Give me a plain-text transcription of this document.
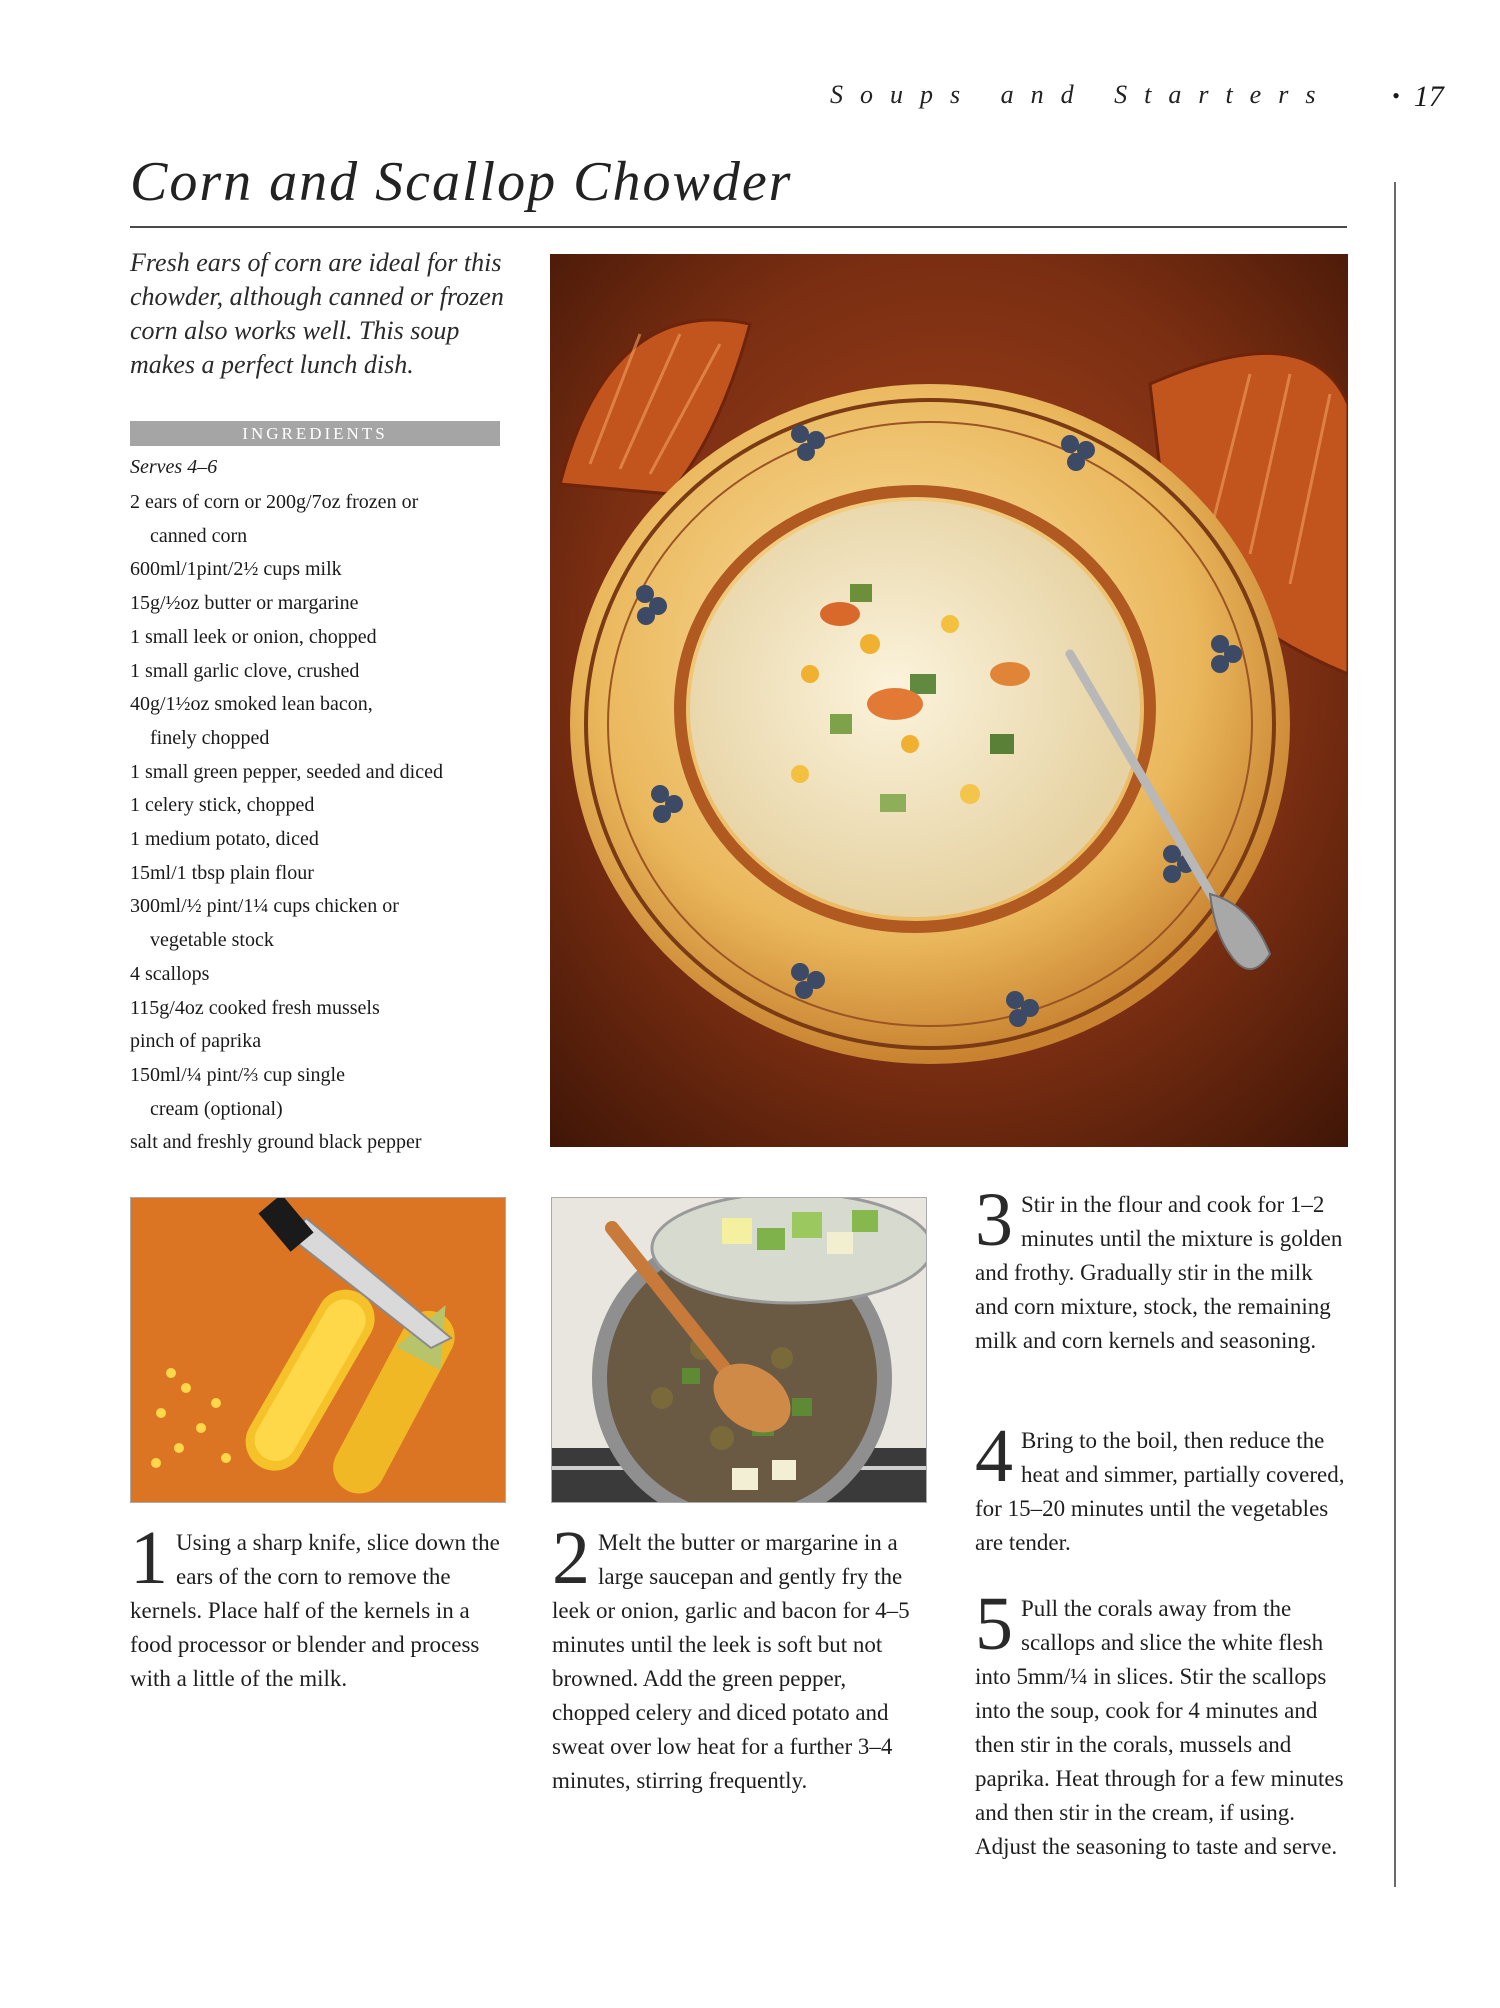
Soups and Starters	• 17
Corn and Scallop Chowder
Fresh ears of corn are ideal for this chowder, although canned or frozen corn also works well. This soup makes a perfect lunch dish.
INGREDIENTS
Serves 4–6
2 ears of corn or 200g/7oz frozen or
canned corn
600ml/1pint/2½ cups milk
15g/½oz butter or margarine
1 small leek or onion, chopped
1 small garlic clove, crushed
40g/1½oz smoked lean bacon,
finely chopped
1 small green pepper, seeded and diced
1 celery stick, chopped
1 medium potato, diced
15ml/1 tbsp plain flour
300ml/½ pint/1¼ cups chicken or
vegetable stock
4 scallops
115g/4oz cooked fresh mussels
pinch of paprika
150ml/¼ pint/⅔ cup single
cream (optional)
salt and freshly ground black pepper
1 Using a sharp knife, slice down the ears of the corn to remove the kernels. Place half of the kernels in a food processor or blender and process with a little of the milk.
2 Melt the butter or margarine in a large saucepan and gently fry the leek or onion, garlic and bacon for 4–5 minutes until the leek is soft but not browned. Add the green pepper, chopped celery and diced potato and sweat over low heat for a further 3–4 minutes, stirring frequently.
3 Stir in the flour and cook for 1–2 minutes until the mixture is golden and frothy. Gradually stir in the milk and corn mixture, stock, the remaining milk and corn kernels and seasoning.
4 Bring to the boil, then reduce the heat and simmer, partially covered, for 15–20 minutes until the vegetables are tender.
5 Pull the corals away from the scallops and slice the white flesh into 5mm/¼ in slices. Stir the scallops into the soup, cook for 4 minutes and then stir in the corals, mussels and paprika. Heat through for a few minutes and then stir in the cream, if using. Adjust the seasoning to taste and serve.
